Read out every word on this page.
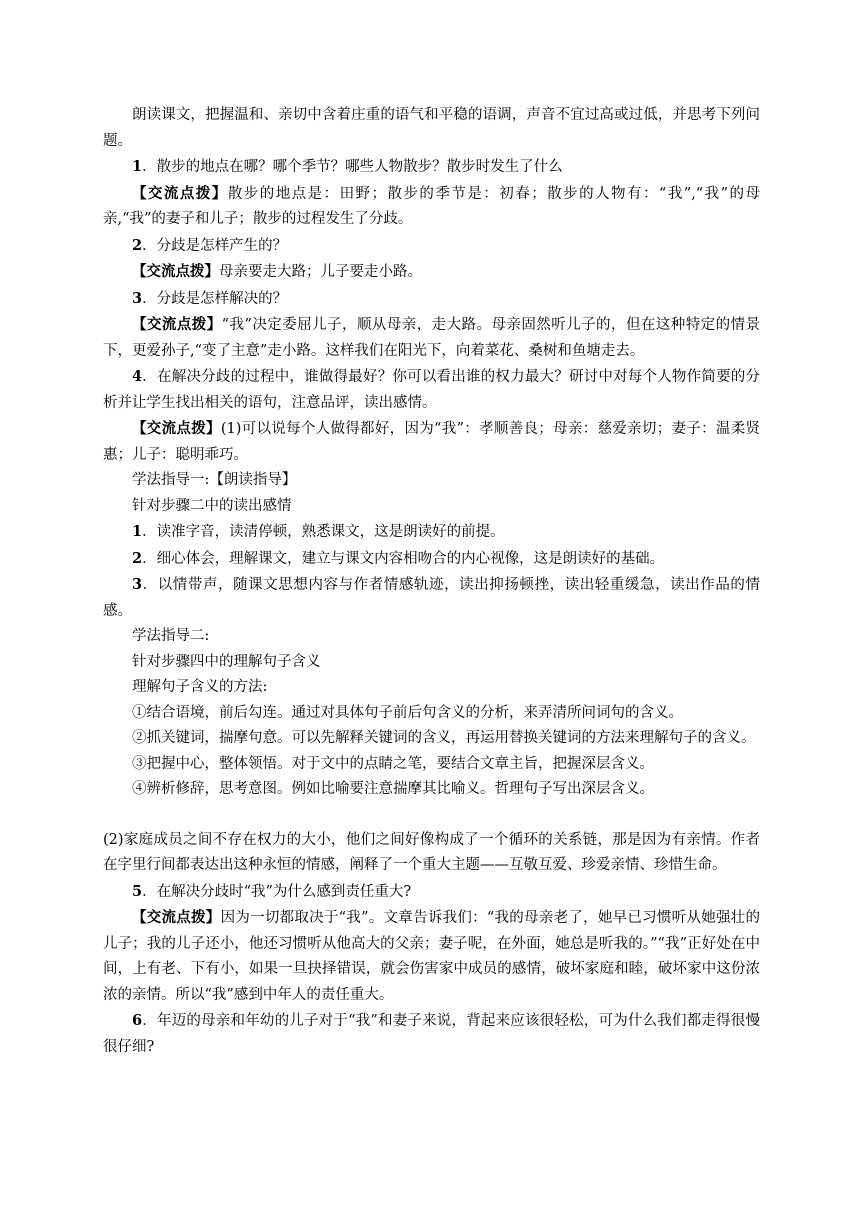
朗读课文，把握温和、亲切中含着庄重的语气和平稳的语调，声音不宜过高或过低，并思考下列问题。

1．散步的地点在哪？哪个季节？哪些人物散步？散步时发生了什么

【交流点拨】散步的地点是：田野；散步的季节是：初春；散步的人物有：“我”,“我”的母亲,“我”的妻子和儿子；散步的过程发生了分歧。

2．分歧是怎样产生的？

【交流点拨】母亲要走大路；儿子要走小路。

3．分歧是怎样解决的？

【交流点拨】“我”决定委屈儿子，顺从母亲，走大路。母亲固然听儿子的，但在这种特定的情景下，更爱孙子,“变了主意”走小路。这样我们在阳光下，向着菜花、桑树和鱼塘走去。

4．在解决分歧的过程中，谁做得最好？你可以看出谁的权力最大？研讨中对每个人物作简要的分析并让学生找出相关的语句，注意品评，读出感情。

【交流点拨】(1)可以说每个人做得都好，因为“我”：孝顺善良；母亲：慈爱亲切；妻子：温柔贤惠；儿子：聪明乖巧。

学法指导一:【朗读指导】

针对步骤二中的读出感情

1．读准字音，读清停顿，熟悉课文，这是朗读好的前提。

2．细心体会，理解课文，建立与课文内容相吻合的内心视像，这是朗读好的基础。

3．以情带声，随课文思想内容与作者情感轨迹，读出抑扬顿挫，读出轻重缓急，读出作品的情感。

学法指导二:

针对步骤四中的理解句子含义

理解句子含义的方法:

①结合语境，前后勾连。通过对具体句子前后句含义的分析，来弄清所问词句的含义。

②抓关键词，揣摩句意。可以先解释关键词的含义，再运用替换关键词的方法来理解句子的含义。

③把握中心，整体领悟。对于文中的点睛之笔，要结合文章主旨，把握深层含义。

④辨析修辞，思考意图。例如比喻要注意揣摩其比喻义。哲理句子写出深层含义。

(2)家庭成员之间不存在权力的大小，他们之间好像构成了一个循环的关系链，那是因为有亲情。作者在字里行间都表达出这种永恒的情感，阐释了一个重大主题——互敬互爱、珍爱亲情、珍惜生命。

5．在解决分歧时“我”为什么感到责任重大?

【交流点拨】因为一切都取决于“我”。文章告诉我们：“我的母亲老了，她早已习惯听从她强壮的儿子；我的儿子还小，他还习惯听从他高大的父亲；妻子呢，在外面，她总是听我的。”“我”正好处在中间，上有老、下有小，如果一旦抉择错误，就会伤害家中成员的感情，破坏家庭和睦，破坏家中这份浓浓的亲情。所以“我”感到中年人的责任重大。

6．年迈的母亲和年幼的儿子对于“我”和妻子来说，背起来应该很轻松，可为什么我们都走得很慢很仔细?
